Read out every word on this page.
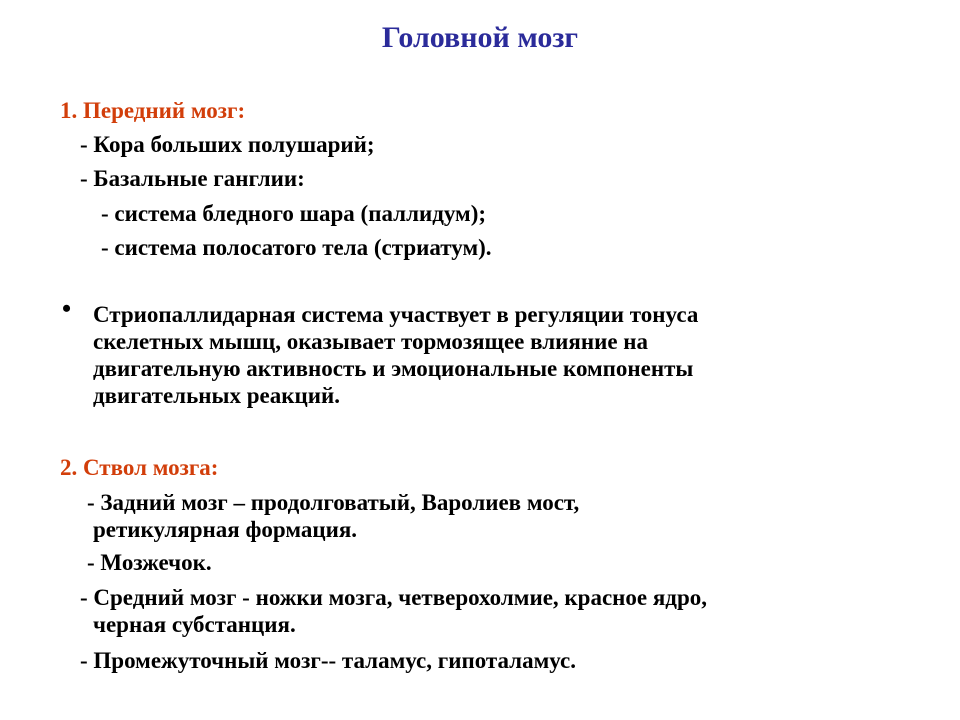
Головной мозг
1. Передний мозг:
- Кора больших полушарий;
- Базальные ганглии:
- система бледного шара (паллидум);
- система полосатого тела (стриатум).
• Стриопаллидарная система участвует в регуляции тонуса
скелетных мышц, оказывает тормозящее влияние на
двигательную активность и эмоциональные компоненты
двигательных реакций.
2. Ствол мозга:
- Задний мозг – продолговатый, Варолиев мост,
ретикулярная формация.
- Мозжечок.
- Средний мозг - ножки мозга, четверохолмие, красное ядро,
черная субстанция.
- Промежуточный мозг-- таламус, гипоталамус.
